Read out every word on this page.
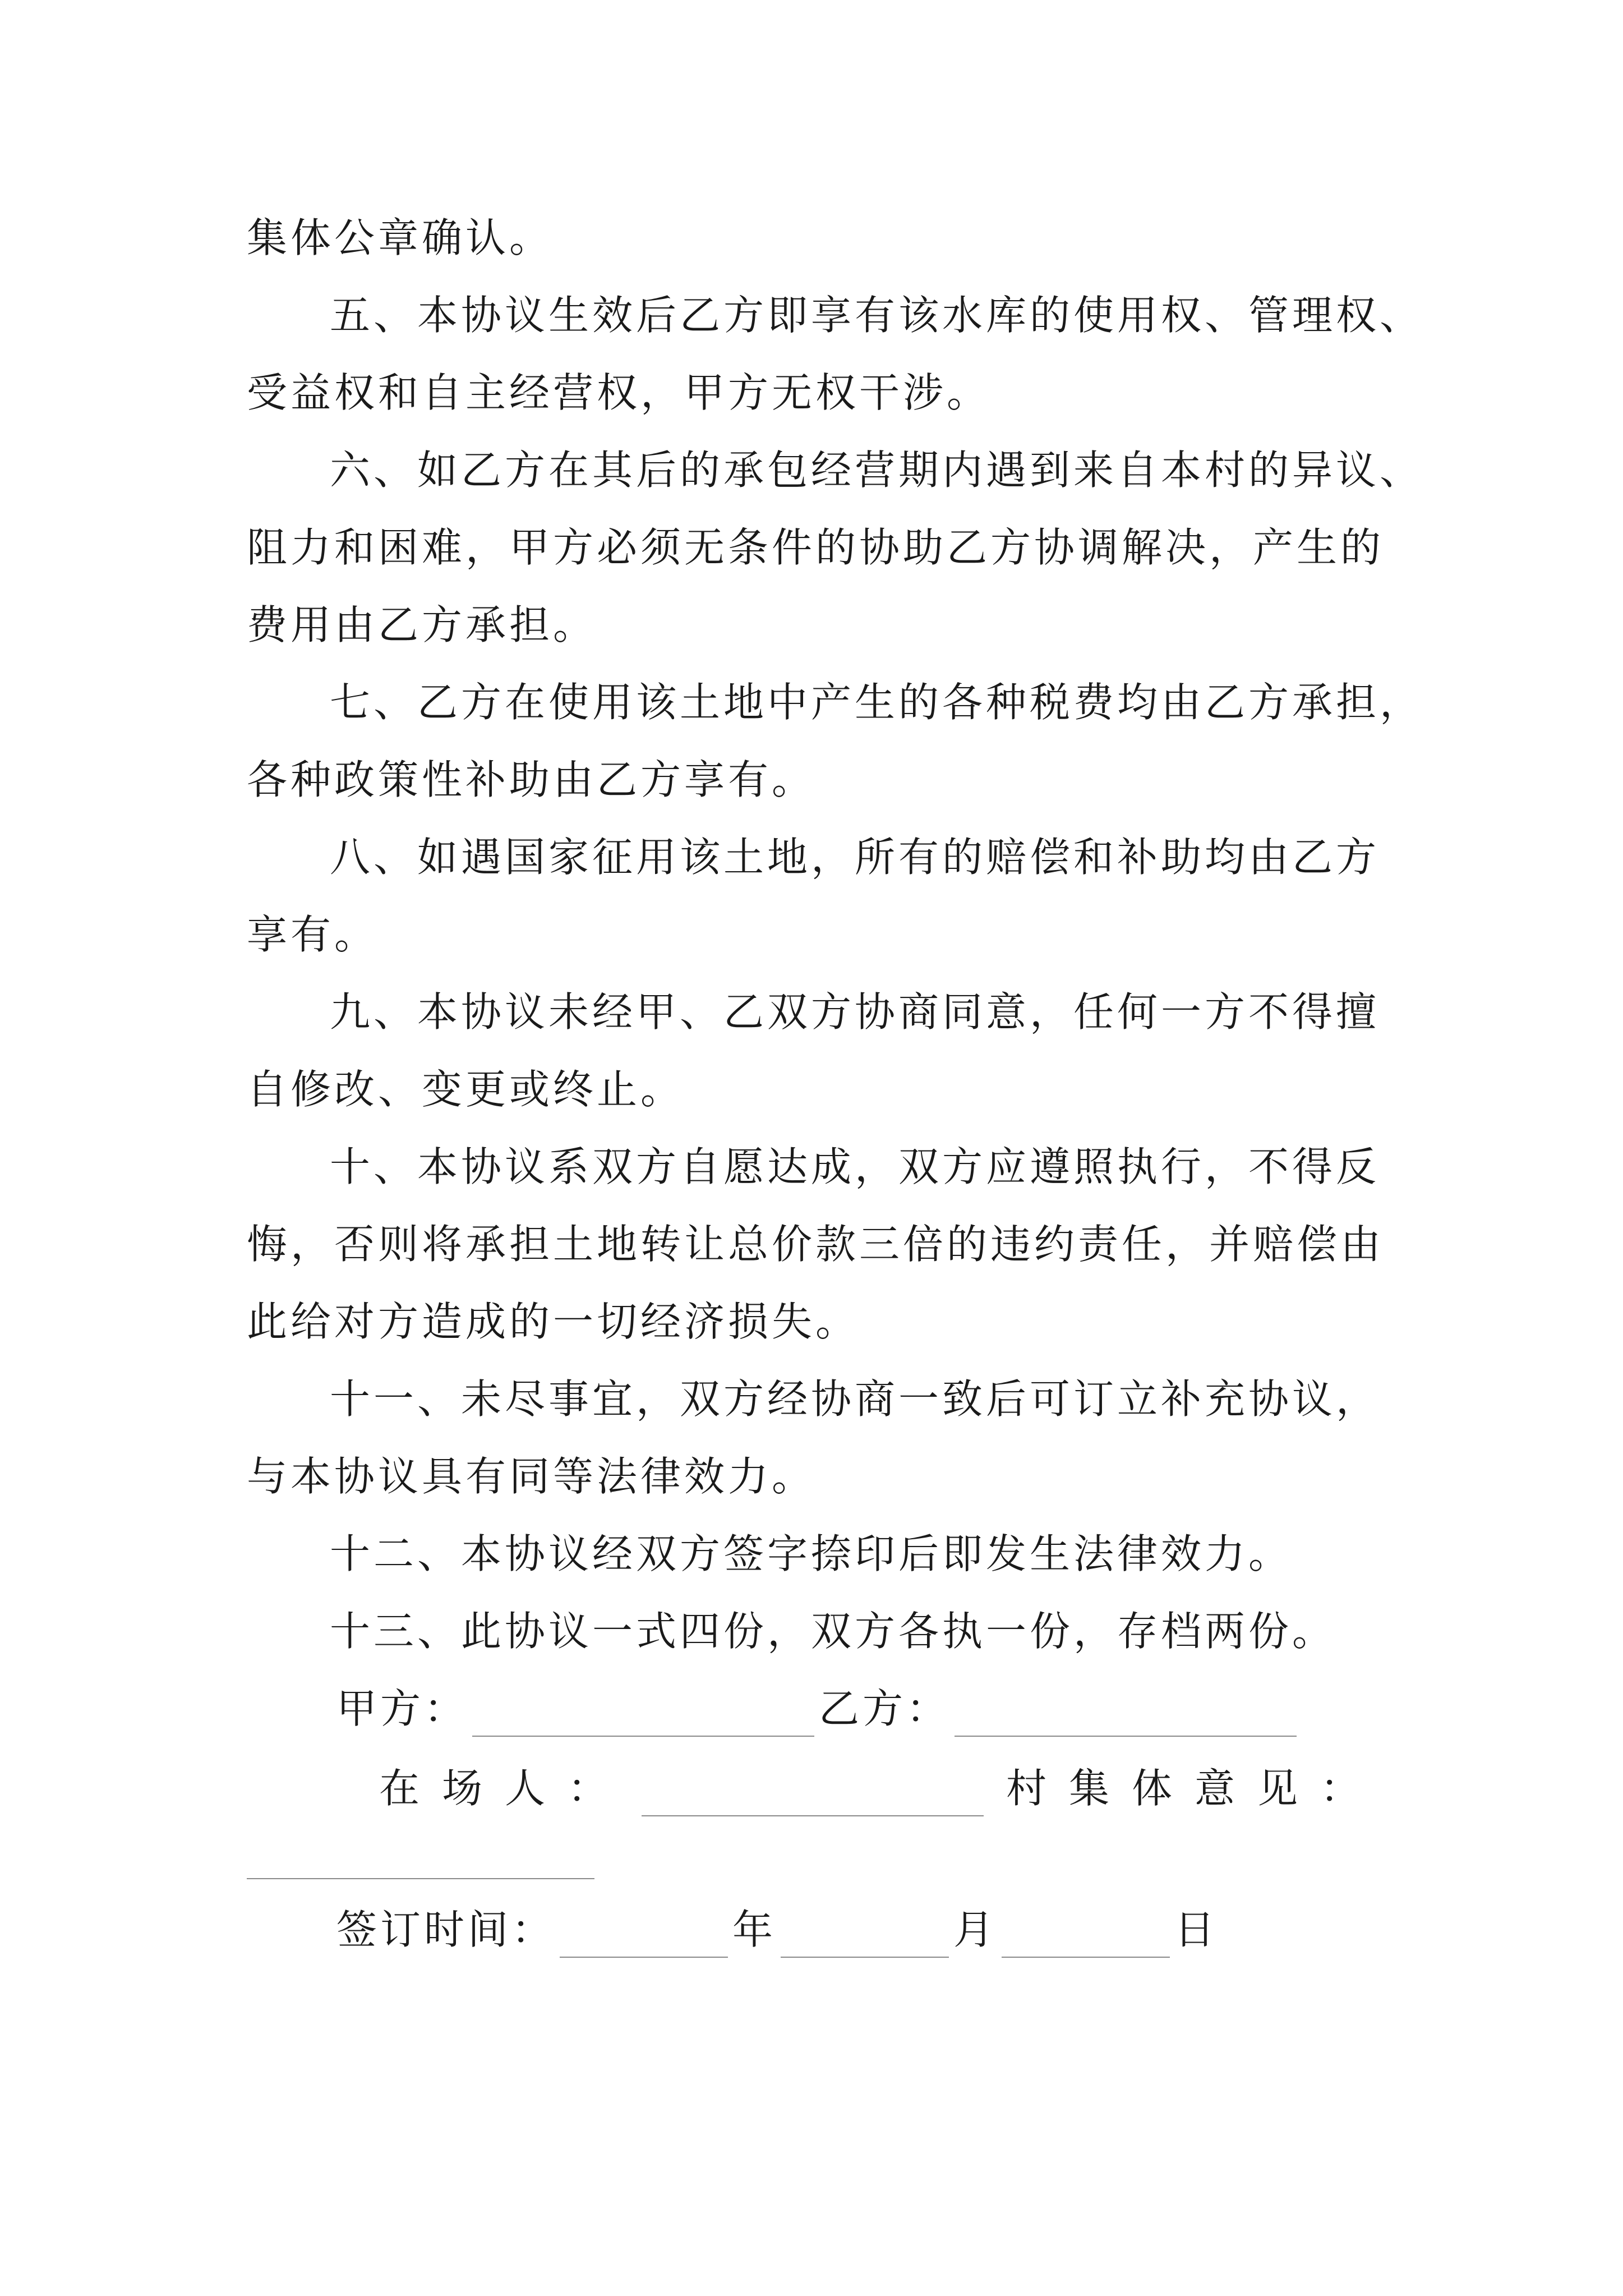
集体公章确认。
五、本协议生效后乙方即享有该水库的使用权、管理权、
受益权和自主经营权，甲方无权干涉。
六、如乙方在其后的承包经营期内遇到来自本村的异议、
阻力和困难，甲方必须无条件的协助乙方协调解决，产生的
费用由乙方承担。
七、乙方在使用该土地中产生的各种税费均由乙方承担，
各种政策性补助由乙方享有。
八、如遇国家征用该土地，所有的赔偿和补助均由乙方
享有。
九、本协议未经甲、乙双方协商同意，任何一方不得擅
自修改、变更或终止。
十、本协议系双方自愿达成，双方应遵照执行，不得反
悔，否则将承担土地转让总价款三倍的违约责任，并赔偿由
此给对方造成的一切经济损失。
十一、未尽事宜，双方经协商一致后可订立补充协议，
与本协议具有同等法律效力。
十二、本协议经双方签字捺印后即发生法律效力。
十三、此协议一式四份，双方各执一份，存档两份。
甲方：	乙方：
在场人：	村集体意见：
签订时间：	年	月	日
